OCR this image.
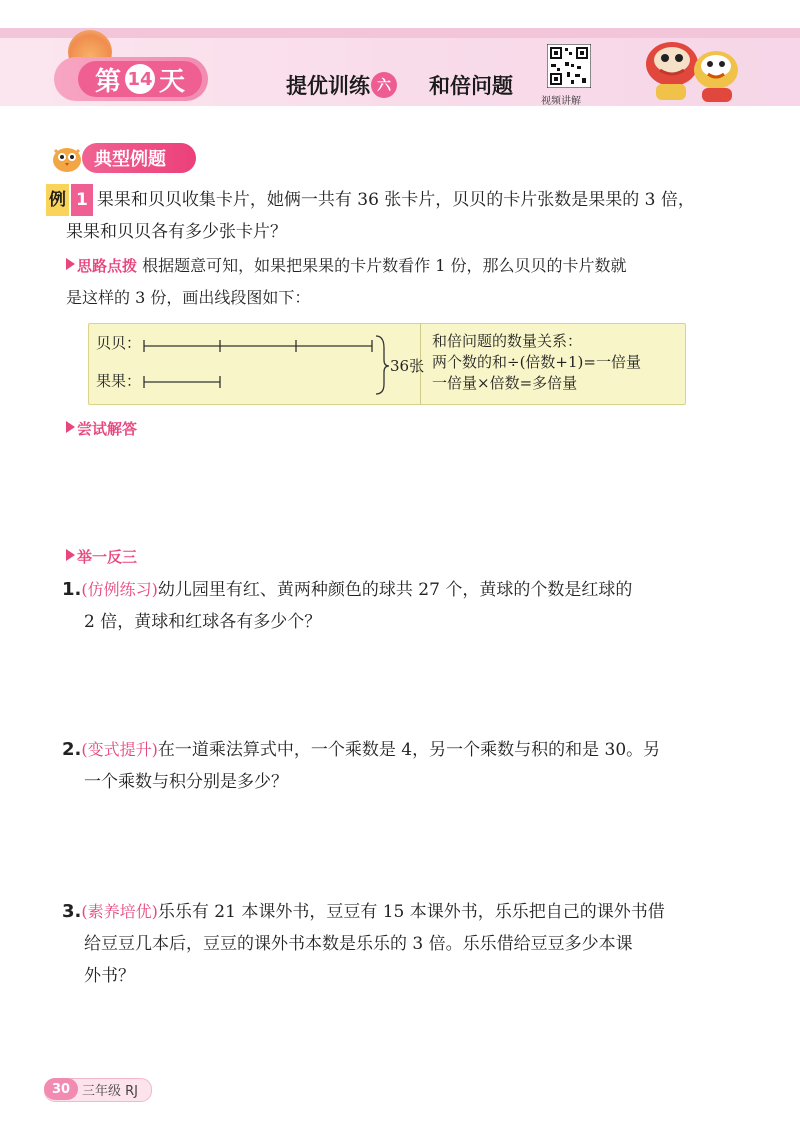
第 14 天	提优训练 六 和倍问题
视频讲解
典型例题
例 1 果果和贝贝收集卡片，她俩一共有 36 张卡片，贝贝的卡片张数是果果的 3 倍，
果果和贝贝各有多少张卡片？
思路点拨 根据题意可知，如果把果果的卡片数看作 1 份，那么贝贝的卡片数就
是这样的 3 份，画出线段图如下：
贝贝：
果果：
36张
和倍问题的数量关系：
两个数的和÷(倍数+1)=一倍量
一倍量×倍数=多倍量
尝试解答
举一反三
1.(仿例练习)幼儿园里有红、黄两种颜色的球共 27 个，黄球的个数是红球的
2 倍，黄球和红球各有多少个？
2.(变式提升)在一道乘法算式中，一个乘数是 4，另一个乘数与积的和是 30。另
一个乘数与积分别是多少？
3.(素养培优)乐乐有 21 本课外书，豆豆有 15 本课外书，乐乐把自己的课外书借
给豆豆几本后，豆豆的课外书本数是乐乐的 3 倍。乐乐借给豆豆多少本课
外书？
30 三年级 RJ
